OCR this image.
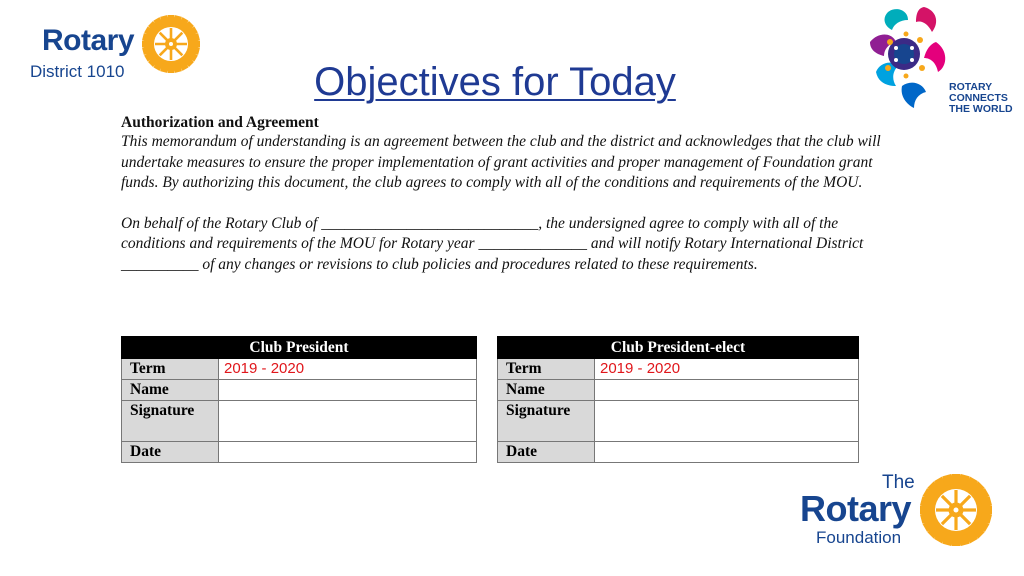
Rotary
District 1010	Objectives for Today	ROTARY
CONNECTS
THE WORLD
Authorization and Agreement

This memorandum of understanding is an agreement between the club and the district and acknowledges that the club will undertake measures to ensure the proper implementation of grant activities and proper management of Foundation grant funds. By authorizing this document, the club agrees to comply with all of the conditions and requirements of the MOU.

On behalf of the Rotary Club of ____________________________, the undersigned agree to comply with all of the conditions and requirements of the MOU for Rotary year ______________ and will notify Rotary International District __________ of any changes or revisions to club policies and procedures related to these requirements.

Club President	
Term	2019 - 2020
Name	
Signature	
Date	
Club President-elect	
Term	2019 - 2020
Name	
Signature	
Date	
The
Rotary
Foundation
